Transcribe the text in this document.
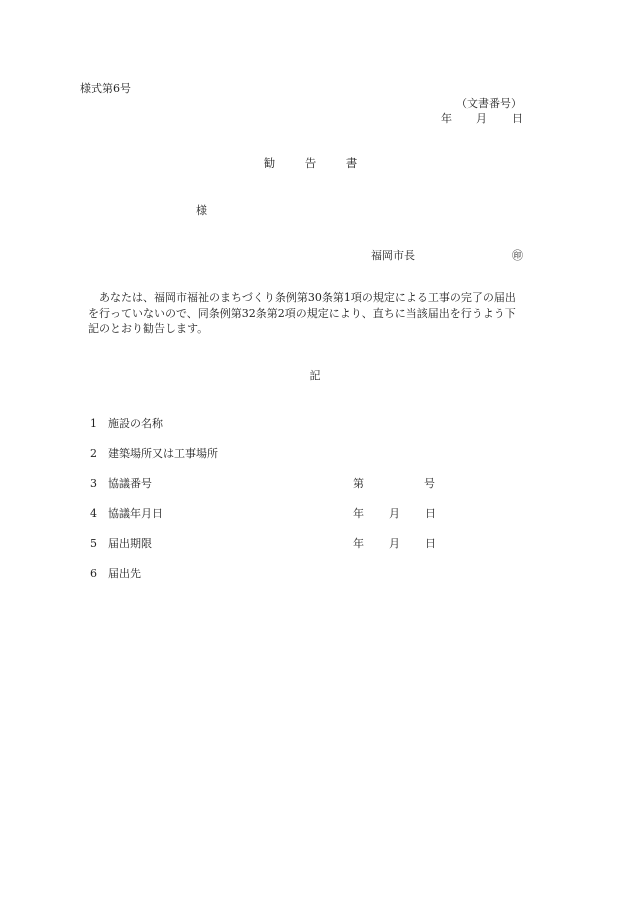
様式第6号
（文書番号）
年 月 日
勧　告　書
様
福岡市長	㊞

あなたは、福岡市福祉のまちづくり条例第30条第1項の規定による工事の完了の届出

を行っていないので、同条例第32条第2項の規定により、直ちに当該届出を行うよう下

記のとおり勧告します。

記
1 施設の名称
2 建築場所又は工事場所
3 協議番号
4 協議年月日
5 届出期限
6 届出先
第	号
年 月 日
年 月 日
